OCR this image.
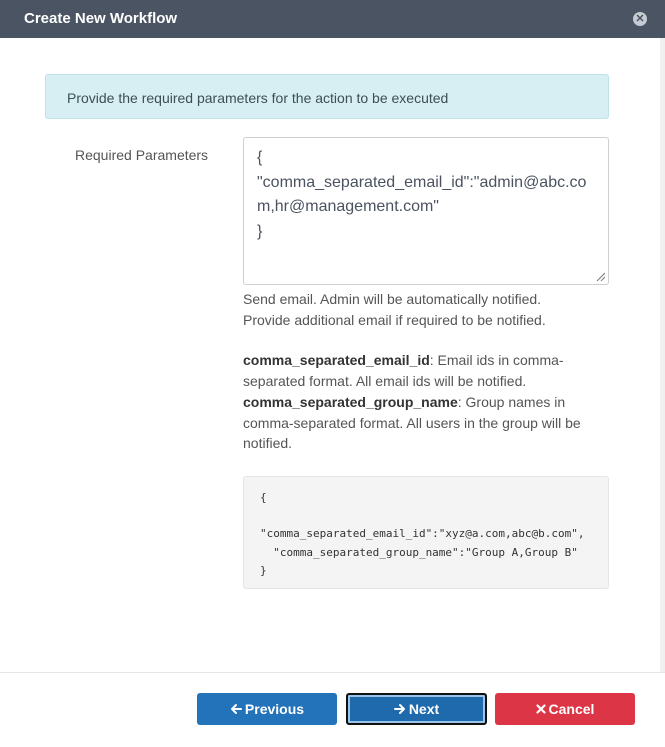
Create New Workflow	✕
Provide the required parameters for the action to be executed
Required Parameters	{
"comma_separated_email_id":"admin@abc.com,hr@management.com"
}

Send email. Admin will be automatically notified.

Provide additional email if required to be notified.

comma_separated_email_id: Email ids in comma-separated format. All email ids will be notified.

comma_separated_group_name: Group names in comma-separated format. All users in the group will be notified.

{

"comma_separated_email_id":"xyz@a.com,abc@b.com",
"comma_separated_group_name":"Group A,Group B"
}
Previous	Next	Cancel
